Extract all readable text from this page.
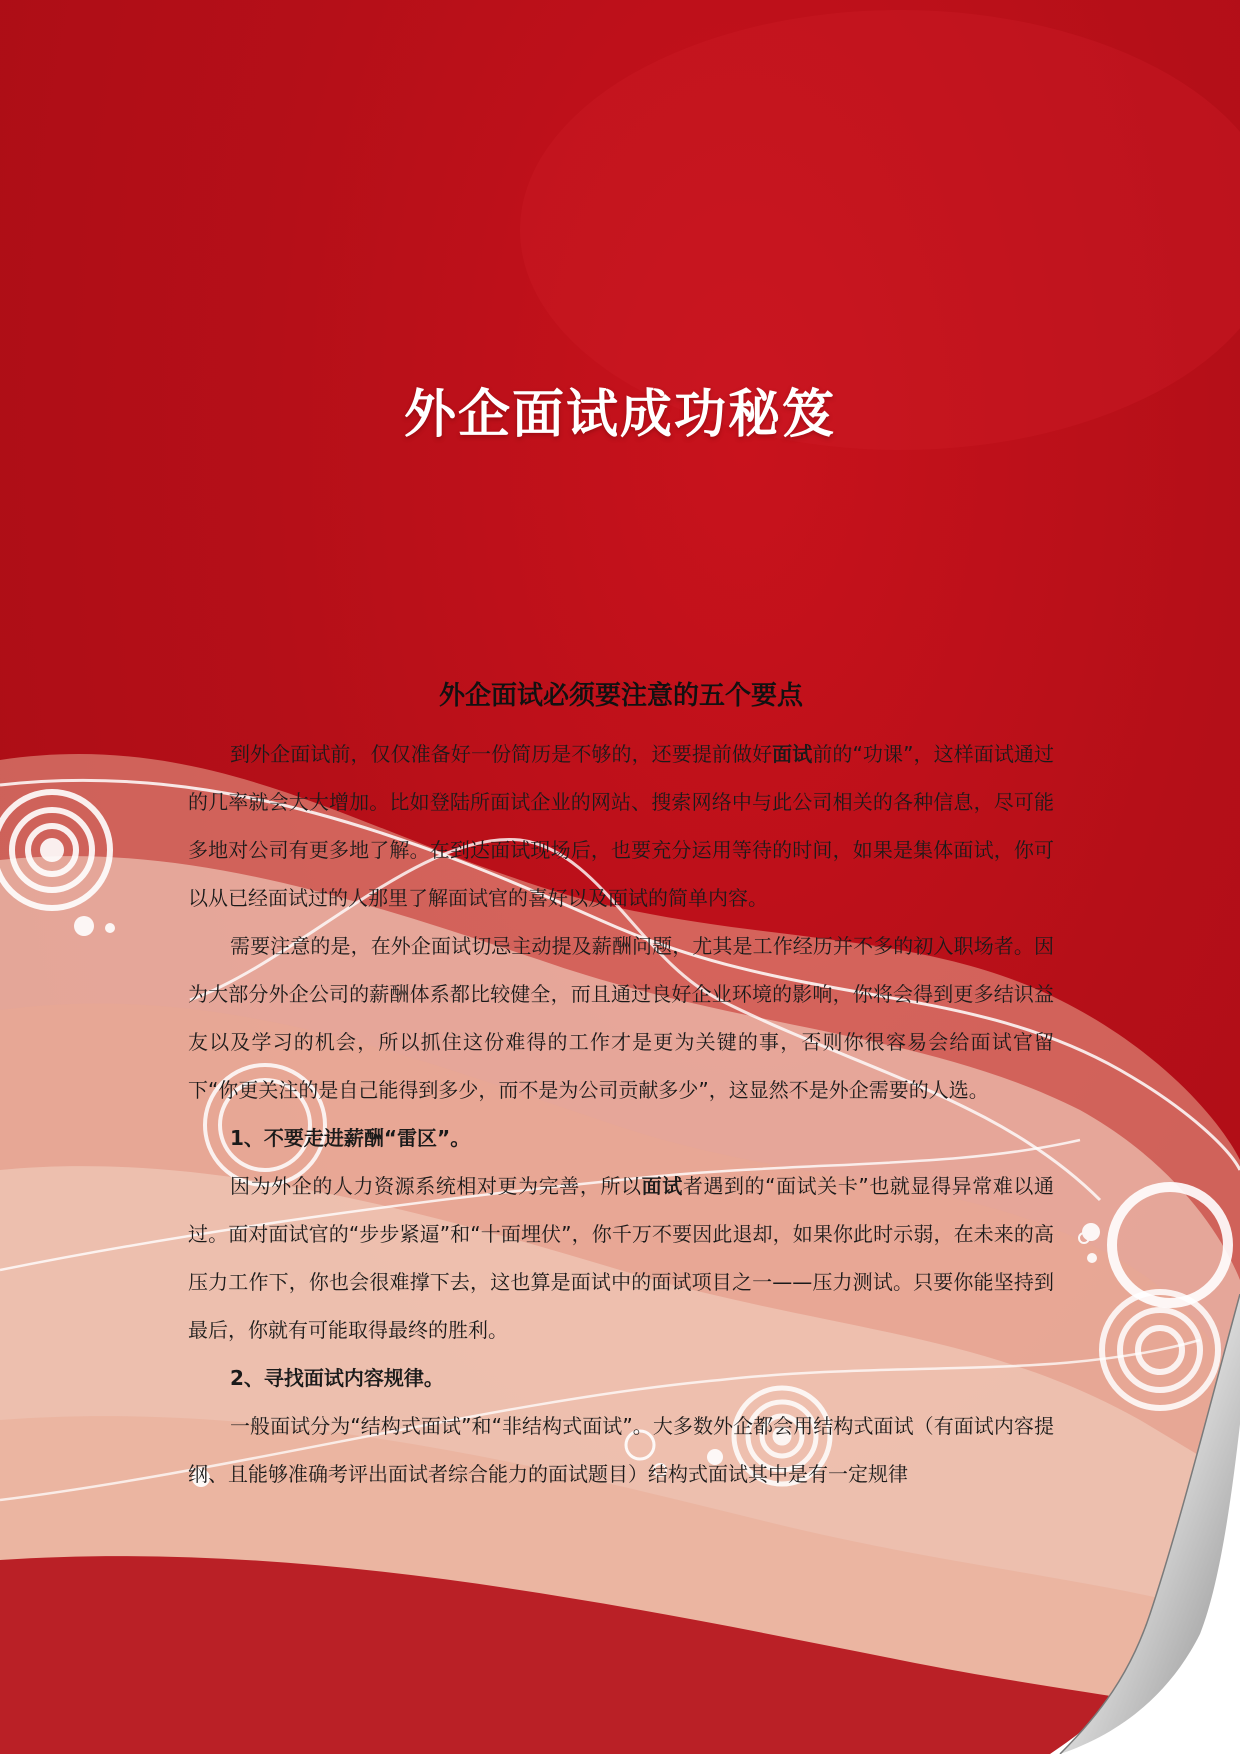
外企面试成功秘笈
外企面试必须要注意的五个要点

到外企面试前，仅仅准备好一份简历是不够的，还要提前做好面试前的“功课”，这样面试通过的几率就会大大增加。比如登陆所面试企业的网站、搜索网络中与此公司相关的各种信息，尽可能多地对公司有更多地了解。在到达面试现场后，也要充分运用等待的时间，如果是集体面试，你可以从已经面试过的人那里了解面试官的喜好以及面试的简单内容。

需要注意的是，在外企面试切忌主动提及薪酬问题，尤其是工作经历并不多的初入职场者。因为大部分外企公司的薪酬体系都比较健全，而且通过良好企业环境的影响，你将会得到更多结识益友以及学习的机会，所以抓住这份难得的工作才是更为关键的事，否则你很容易会给面试官留下“你更关注的是自己能得到多少，而不是为公司贡献多少”，这显然不是外企需要的人选。

1、不要走进薪酬“雷区”。

因为外企的人力资源系统相对更为完善，所以面试者遇到的“面试关卡”也就显得异常难以通过。面对面试官的“步步紧逼”和“十面埋伏”，你千万不要因此退却，如果你此时示弱，在未来的高压力工作下，你也会很难撑下去，这也算是面试中的面试项目之一——压力测试。只要你能坚持到最后，你就有可能取得最终的胜利。

2、寻找面试内容规律。

一般面试分为“结构式面试”和“非结构式面试”。大多数外企都会用结构式面试（有面试内容提纲、且能够准确考评出面试者综合能力的面试题目）结构式面试其中是有一定规律
